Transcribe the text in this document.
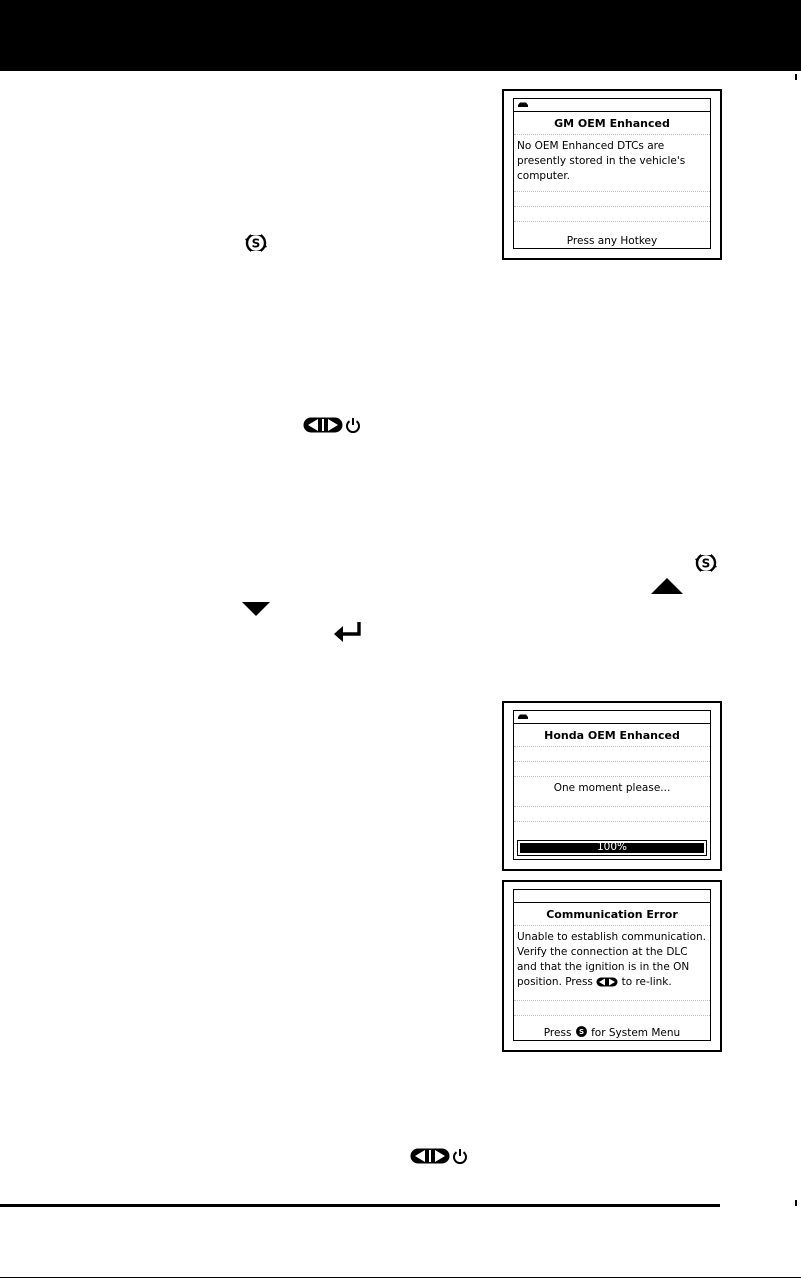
GM OEM Enhanced
No OEM Enhanced DTCs are
presently stored in the vehicle's
computer.
Press any Hotkey
Honda OEM Enhanced
One moment please...
100%
Communication Error
Unable to establish communication.
Verify the connection at the DLC
and that the ignition is in the ON
position. Press	to re-link.
Press S for System Menu
S
S
